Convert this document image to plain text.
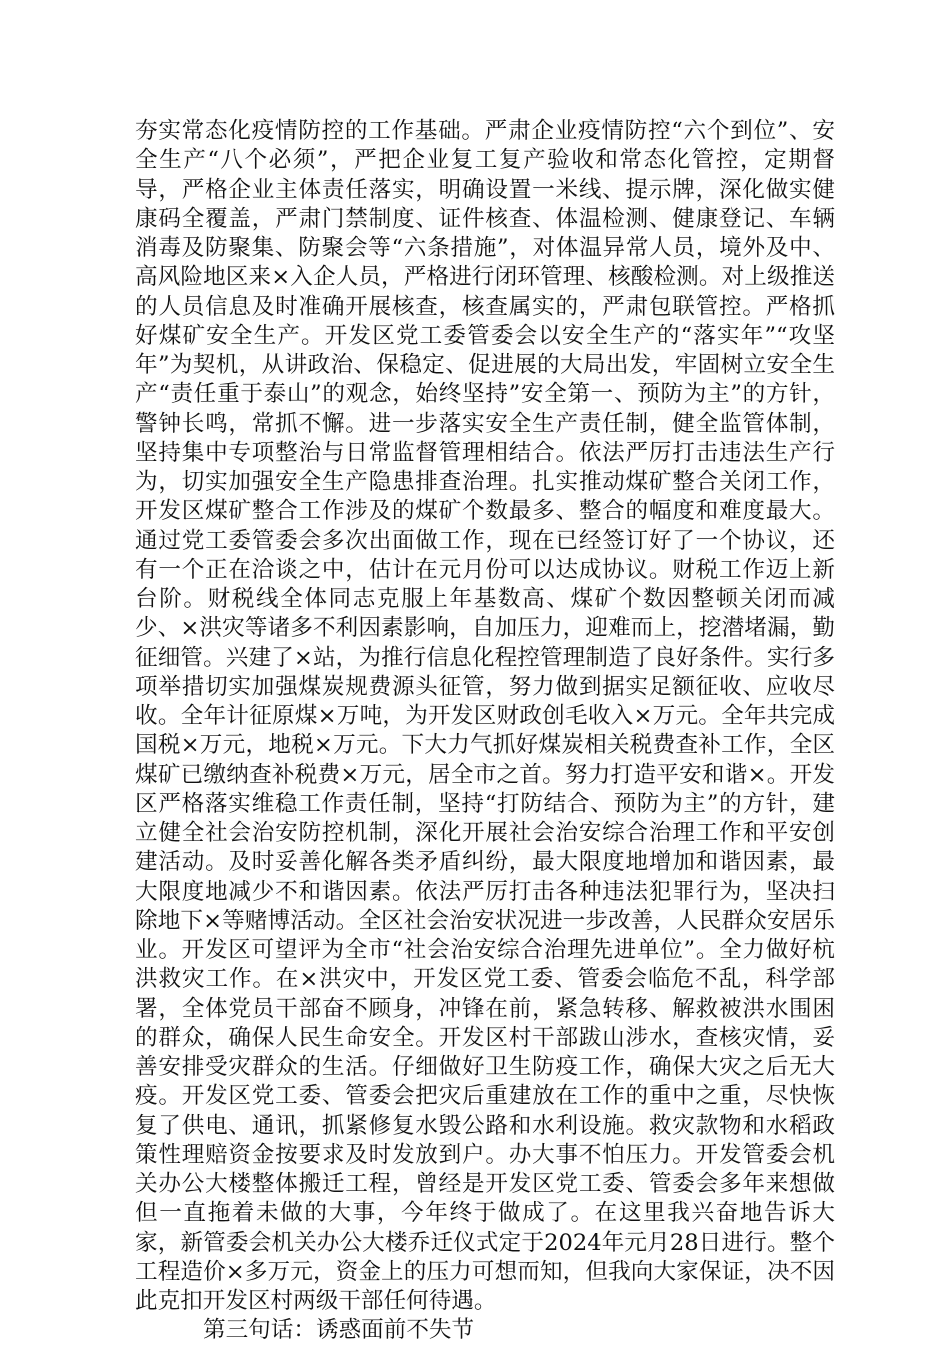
夯实常态化疫情防控的工作基础。严肃企业疫情防控“六个到位”、安全生产“八个必须”，严把企业复工复产验收和常态化管控，定期督导，严格企业主体责任落实，明确设置一米线、提示牌，深化做实健康码全覆盖，严肃门禁制度、证件核查、体温检测、健康登记、车辆消毒及防聚集、防聚会等“六条措施”，对体温异常人员，境外及中、高风险地区来×入企人员，严格进行闭环管理、核酸检测。对上级推送的人员信息及时准确开展核查，核查属实的，严肃包联管控。严格抓好煤矿安全生产。开发区党工委管委会以安全生产的“落实年”“攻坚年”为契机，从讲政治、保稳定、促进展的大局出发，牢固树立安全生产“责任重于泰山”的观念，始终坚持”安全第一、预防为主”的方针，警钟长鸣，常抓不懈。进一步落实安全生产责任制，健全监管体制，坚持集中专项整治与日常监督管理相结合。依法严厉打击违法生产行为，切实加强安全生产隐患排查治理。扎实推动煤矿整合关闭工作，开发区煤矿整合工作涉及的煤矿个数最多、整合的幅度和难度最大。通过党工委管委会多次出面做工作，现在已经签订好了一个协议，还有一个正在洽谈之中，估计在元月份可以达成协议。财税工作迈上新台阶。财税线全体同志克服上年基数高、煤矿个数因整顿关闭而减少、×洪灾等诸多不利因素影响，自加压力，迎难而上，挖潜堵漏，勤征细管。兴建了×站，为推行信息化程控管理制造了良好条件。实行多项举措切实加强煤炭规费源头征管，努力做到据实足额征收、应收尽收。全年计征原煤×万吨，为开发区财政创毛收入×万元。全年共完成国税×万元，地税×万元。下大力气抓好煤炭相关税费查补工作，全区煤矿已缴纳查补税费×万元，居全市之首。努力打造平安和谐×。开发区严格落实维稳工作责任制，坚持“打防结合、预防为主”的方针，建立健全社会治安防控机制，深化开展社会治安综合治理工作和平安创建活动。及时妥善化解各类矛盾纠纷，最大限度地增加和谐因素，最大限度地减少不和谐因素。依法严厉打击各种违法犯罪行为，坚决扫除地下×等赌博活动。全区社会治安状况进一步改善，人民群众安居乐业。开发区可望评为全市“社会治安综合治理先进单位”。全力做好杭洪救灾工作。在×洪灾中，开发区党工委、管委会临危不乱，科学部署，全体党员干部奋不顾身，冲锋在前，紧急转移、解救被洪水围困的群众，确保人民生命安全。开发区村干部跋山涉水，查核灾情，妥善安排受灾群众的生活。仔细做好卫生防疫工作，确保大灾之后无大疫。开发区党工委、管委会把灾后重建放在工作的重中之重，尽快恢复了供电、通讯，抓紧修复水毁公路和水利设施。救灾款物和水稻政策性理赔资金按要求及时发放到户。办大事不怕压力。开发管委会机关办公大楼整体搬迁工程，曾经是开发区党工委、管委会多年来想做但一直拖着未做的大事，今年终于做成了。在这里我兴奋地告诉大家，新管委会机关办公大楼乔迁仪式定于2024年元月28日进行。整个工程造价×多万元，资金上的压力可想而知，但我向大家保证，决不因此克扣开发区村两级干部任何待遇。

第三句话：诱惑面前不失节
